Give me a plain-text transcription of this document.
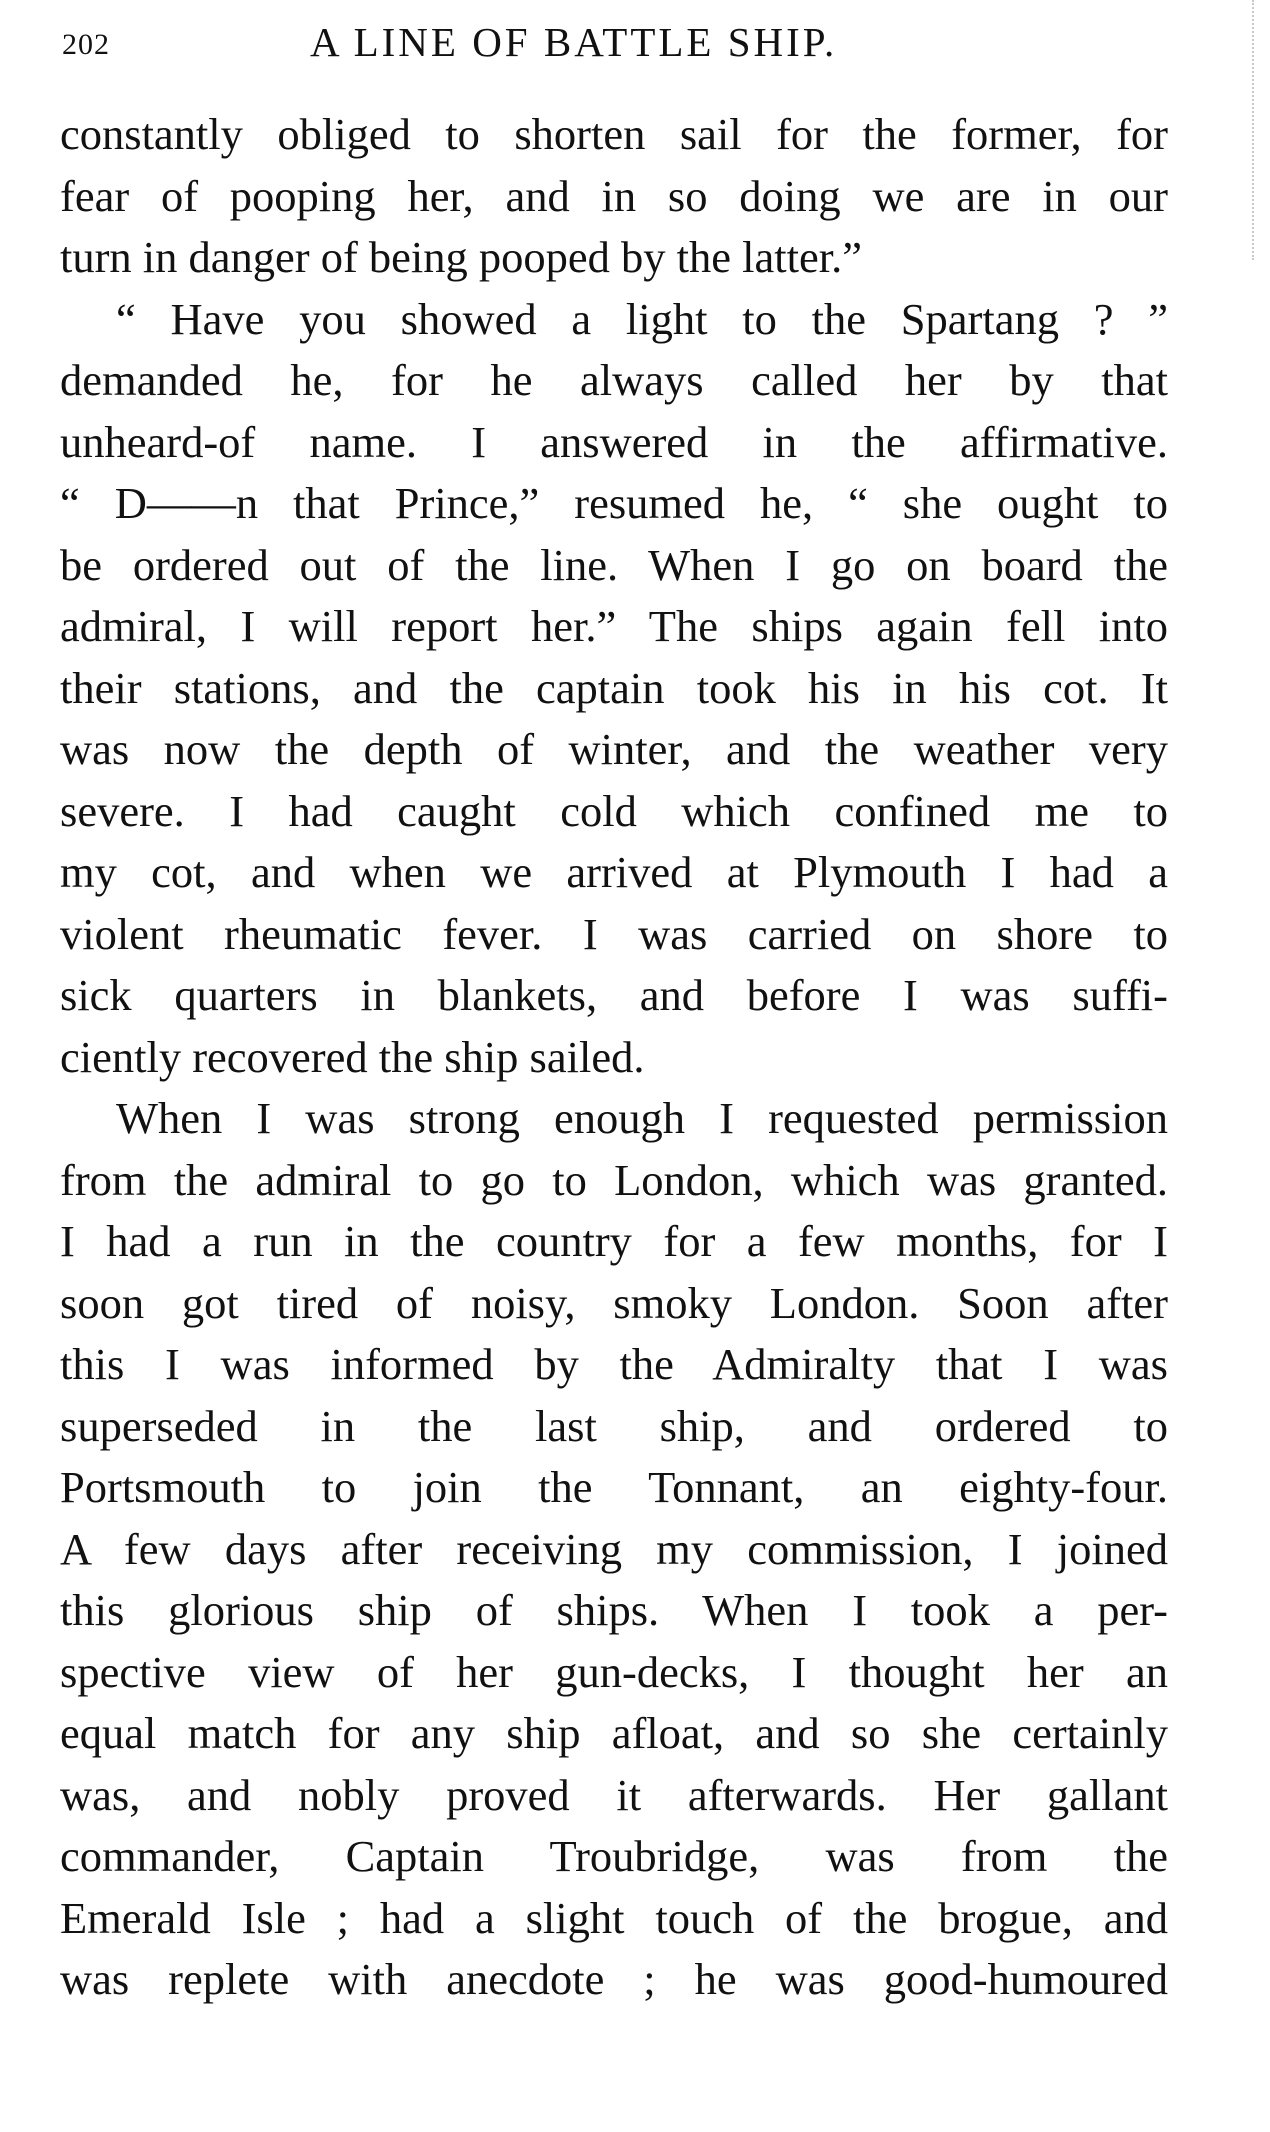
202	A LINE OF BATTLE SHIP.
constantly obliged to shorten sail for the former, for
fear of pooping her, and in so doing we are in our
turn in danger of being pooped by the latter.”
“ Have you showed a light to the Spartang ? ”
demanded he, for he always called her by that
unheard-of name. I answered in the affirmative.
“ D——n that Prince,” resumed he, “ she ought to
be ordered out of the line. When I go on board the
admiral, I will report her.” The ships again fell into
their stations, and the captain took his in his cot. It
was now the depth of winter, and the weather very
severe. I had caught cold which confined me to
my cot, and when we arrived at Plymouth I had a
violent rheumatic fever. I was carried on shore to
sick quarters in blankets, and before I was suffi-
ciently recovered the ship sailed.
When I was strong enough I requested permission
from the admiral to go to London, which was granted.
I had a run in the country for a few months, for I
soon got tired of noisy, smoky London. Soon after
this I was informed by the Admiralty that I was
superseded in the last ship, and ordered to
Portsmouth to join the Tonnant, an eighty-four.
A few days after receiving my commission, I joined
this glorious ship of ships. When I took a per-
spective view of her gun-decks, I thought her an
equal match for any ship afloat, and so she certainly
was, and nobly proved it afterwards. Her gallant
commander, Captain Troubridge, was from the
Emerald Isle ; had a slight touch of the brogue, and
was replete with anecdote ; he was good-humoured
